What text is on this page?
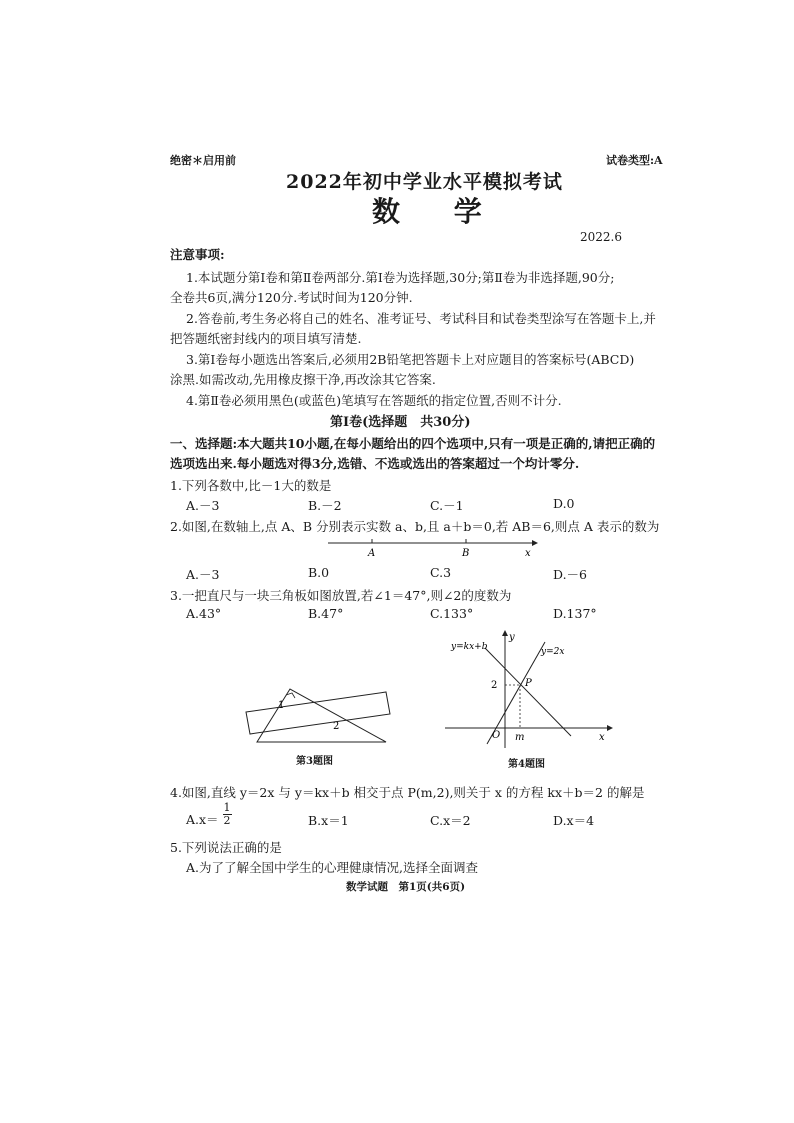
绝密＊启用前	试卷类型:A
2022年初中学业水平模拟考试
数 学
2022.6
注意事项:
1.本试题分第Ⅰ卷和第Ⅱ卷两部分.第Ⅰ卷为选择题,30分;第Ⅱ卷为非选择题,90分;
全卷共6页,满分120分.考试时间为120分钟.
2.答卷前,考生务必将自己的姓名、准考证号、考试科目和试卷类型涂写在答题卡上,并
把答题纸密封线内的项目填写清楚.
3.第Ⅰ卷每小题选出答案后,必须用2B铅笔把答题卡上对应题目的答案标号(ABCD)
涂黑.如需改动,先用橡皮擦干净,再改涂其它答案.
4.第Ⅱ卷必须用黑色(或蓝色)笔填写在答题纸的指定位置,否则不计分.
第Ⅰ卷(选择题　共30分)
一、选择题:本大题共10小题,在每小题给出的四个选项中,只有一项是正确的,请把正确的
选项选出来.每小题选对得3分,选错、不选或选出的答案超过一个均计零分.
1.下列各数中,比－1大的数是
A.－3	B.－2	C.－1	D.0
2.如图,在数轴上,点 A、B 分别表示实数 a、b,且 a＋b＝0,若 AB＝6,则点 A 表示的数为
A	B	x
A.－3	B.0	C.3	D.－6
3.一把直尺与一块三角板如图放置,若∠1＝47°,则∠2的度数为
A.43°	B.47°	C.133°	D.137°
1
2
第3题图
y=kx+b	y=2x
y
x
O
2	P
m
第4题图
4.如图,直线 y＝2x 与 y＝kx＋b 相交于点 P(m,2),则关于 x 的方程 kx＋b＝2 的解是
$A.x= \frac{1}{2}$	B.x＝1	C.x＝2	D.x＝4
5.下列说法正确的是
A.为了了解全国中学生的心理健康情况,选择全面调查
数学试题　第1页(共6页)
